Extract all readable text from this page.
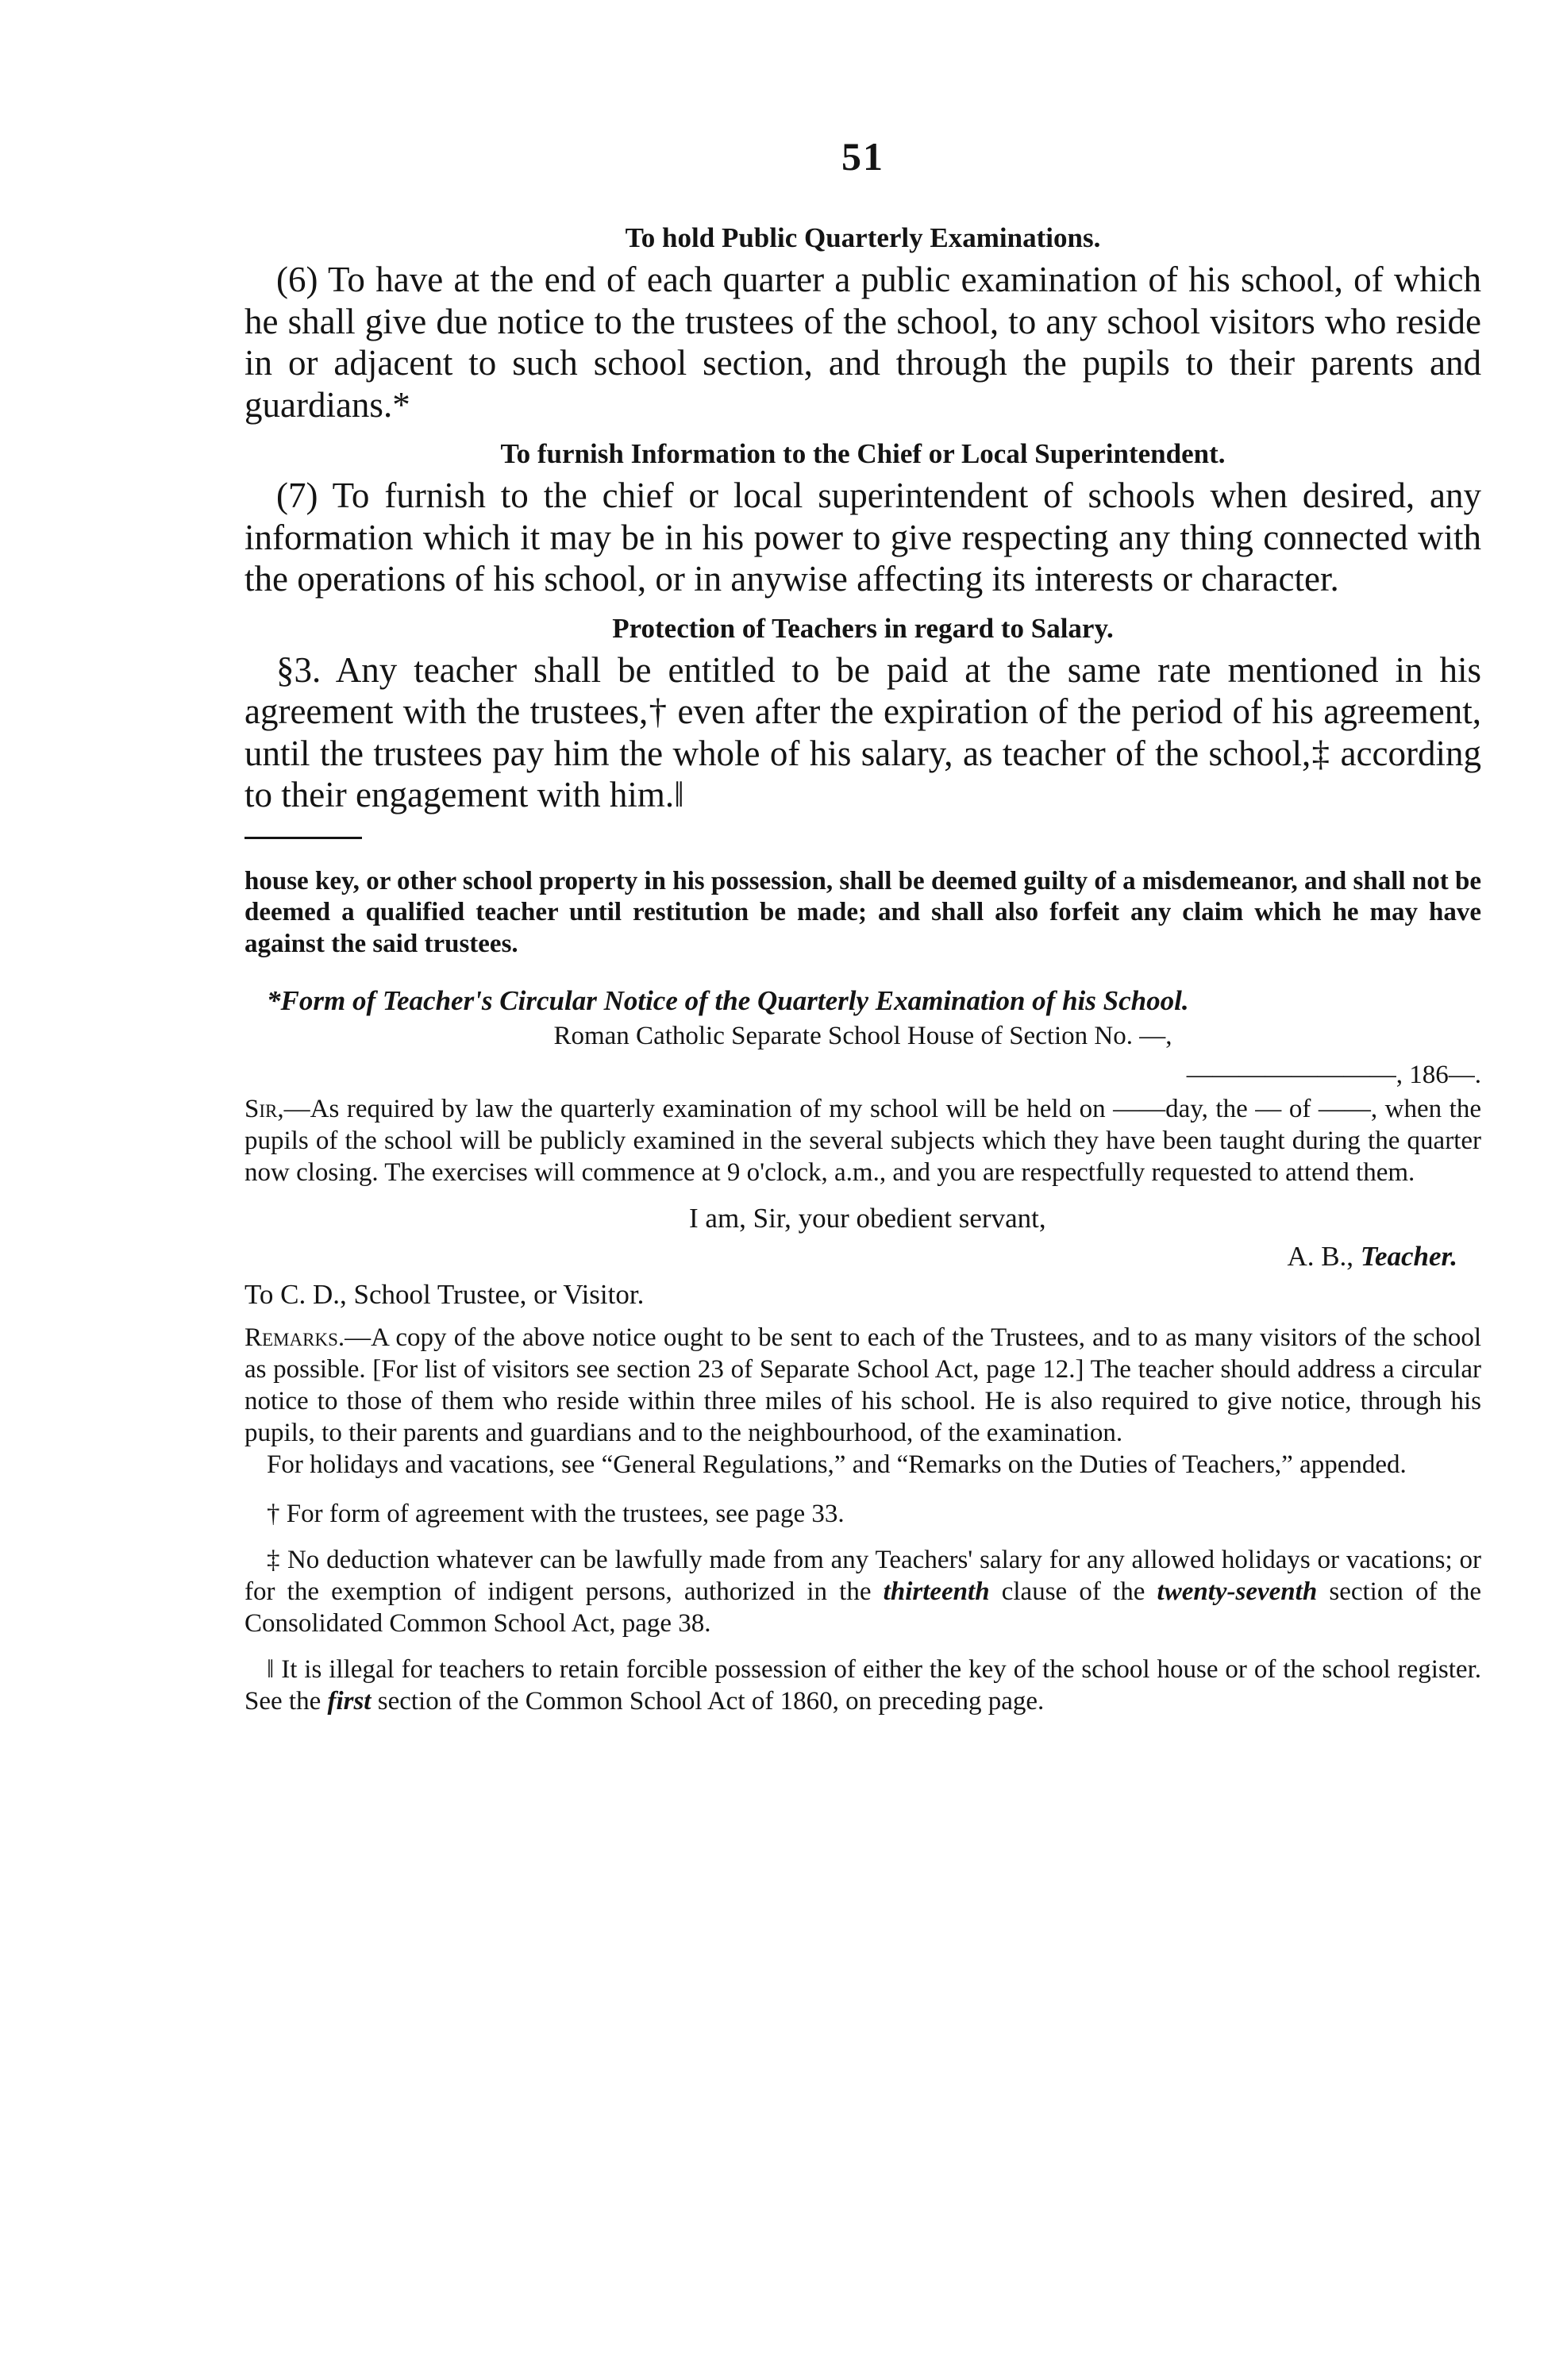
51
To hold Public Quarterly Examinations.

(6) To have at the end of each quarter a public examination of his school, of which he shall give due notice to the trustees of the school, to any school visitors who reside in or adjacent to such school section, and through the pupils to their parents and guardians.*

To furnish Information to the Chief or Local Superintendent.

(7) To furnish to the chief or local superintendent of schools when desired, any information which it may be in his power to give respecting any thing connected with the operations of his school, or in anywise affecting its interests or character.

Protection of Teachers in regard to Salary.

§3. Any teacher shall be entitled to be paid at the same rate mentioned in his agreement with the trustees,† even after the expiration of the period of his agreement, until the trustees pay him the whole of his salary, as teacher of the school,‡ according to their engagement with him.‖

house key, or other school property in his possession, shall be deemed guilty of a misdemeanor, and shall not be deemed a qualified teacher until restitution be made; and shall also forfeit any claim which he may have against the said trustees.

*Form of Teacher's Circular Notice of the Quarterly Examination of his School.

Roman Catholic Separate School House of Section No. —,

————————, 186—.

Sir,—As required by law the quarterly examination of my school will be held on ——day, the — of ——, when the pupils of the school will be publicly examined in the several subjects which they have been taught during the quarter now closing. The exercises will commence at 9 o'clock, a.m., and you are respectfully requested to attend them.

I am, Sir, your obedient servant,

A. B., Teacher.

To C. D., School Trustee, or Visitor.

Remarks.—A copy of the above notice ought to be sent to each of the Trustees, and to as many visitors of the school as possible. [For list of visitors see section 23 of Separate School Act, page 12.] The teacher should address a circular notice to those of them who reside within three miles of his school. He is also required to give notice, through his pupils, to their parents and guardians and to the neighbourhood, of the examination.

For holidays and vacations, see “General Regulations,” and “Remarks on the Duties of Teachers,” appended.

† For form of agreement with the trustees, see page 33.

‡ No deduction whatever can be lawfully made from any Teachers' salary for any allowed holidays or vacations; or for the exemption of indigent persons, authorized in the thirteenth clause of the twenty-seventh section of the Consolidated Common School Act, page 38.

‖ It is illegal for teachers to retain forcible possession of either the key of the school house or of the school register. See the first section of the Common School Act of 1860, on preceding page.
